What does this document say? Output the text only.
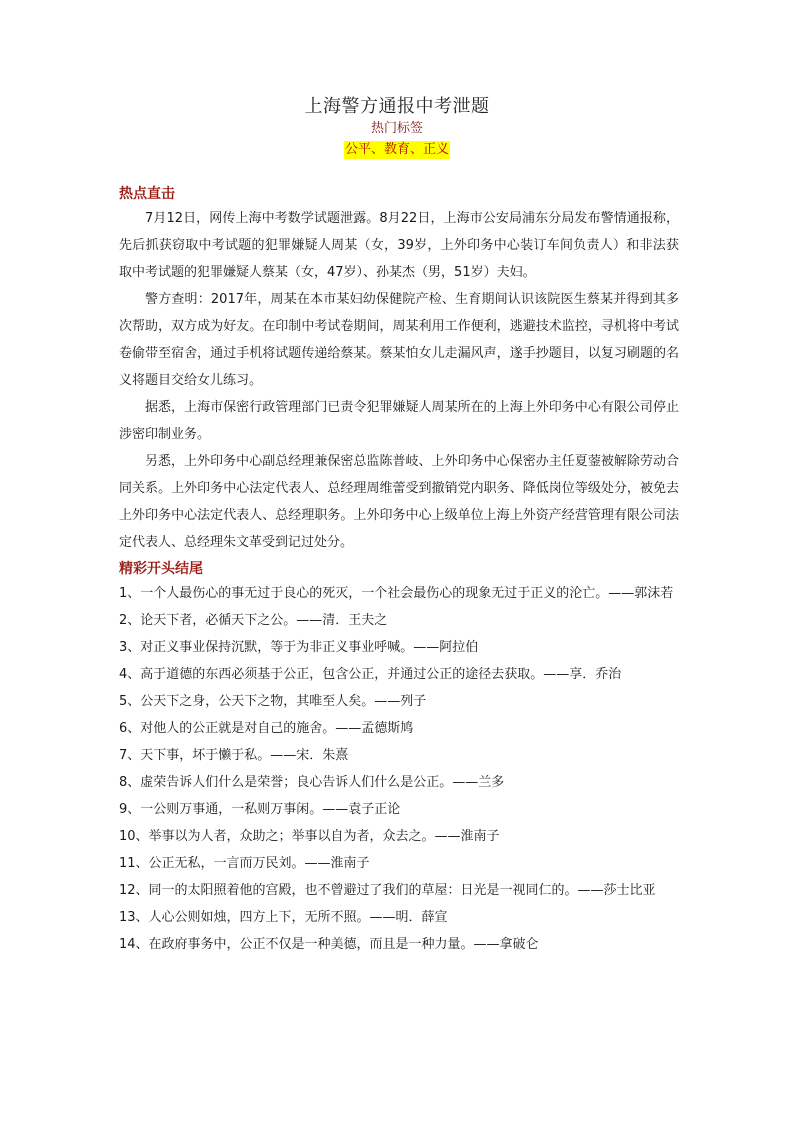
上海警方通报中考泄题
热门标签
公平、教育、正义
热点直击

7月12日，网传上海中考数学试题泄露。8月22日，上海市公安局浦东分局发布警情通报称，先后抓获窃取中考试题的犯罪嫌疑人周某（女，39岁，上外印务中心装订车间负责人）和非法获取中考试题的犯罪嫌疑人蔡某（女，47岁）、孙某杰（男，51岁）夫妇。

警方查明：2017年，周某在本市某妇幼保健院产检、生育期间认识该院医生蔡某并得到其多次帮助，双方成为好友。在印制中考试卷期间，周某利用工作便利，逃避技术监控，寻机将中考试卷偷带至宿舍，通过手机将试题传递给蔡某。蔡某怕女儿走漏风声，遂手抄题目，以复习刷题的名义将题目交给女儿练习。

据悉，上海市保密行政管理部门已责令犯罪嫌疑人周某所在的上海上外印务中心有限公司停止涉密印制业务。

另悉，上外印务中心副总经理兼保密总监陈普岐、上外印务中心保密办主任夏蓥被解除劳动合同关系。上外印务中心法定代表人、总经理周维蕾受到撤销党内职务、降低岗位等级处分，被免去上外印务中心法定代表人、总经理职务。上外印务中心上级单位上海上外资产经营管理有限公司法定代表人、总经理朱文革受到记过处分。

精彩开头结尾

1、一个人最伤心的事无过于良心的死灭，一个社会最伤心的现象无过于正义的沦亡。——郭沫若

2、论天下者，必循天下之公。——清．王夫之

3、对正义事业保持沉默，等于为非正义事业呼喊。——阿拉伯

4、高于道德的东西必须基于公正，包含公正，并通过公正的途径去获取。——享．乔治

5、公天下之身，公天下之物，其唯至人矣。——列子

6、对他人的公正就是对自己的施舍。——孟德斯鸠

7、天下事，坏于懒于私。——宋．朱熹

8、虚荣告诉人们什么是荣誉；良心告诉人们什么是公正。——兰多

9、一公则万事通，一私则万事闲。——袁子正论

10、举事以为人者，众助之；举事以自为者，众去之。——淮南子

11、公正无私，一言而万民刘。——淮南子

12、同一的太阳照着他的宫殿，也不曾避过了我们的草屋：日光是一视同仁的。——莎士比亚

13、人心公则如烛，四方上下，无所不照。——明．薛宣

14、在政府事务中，公正不仅是一种美德，而且是一种力量。——拿破仑
